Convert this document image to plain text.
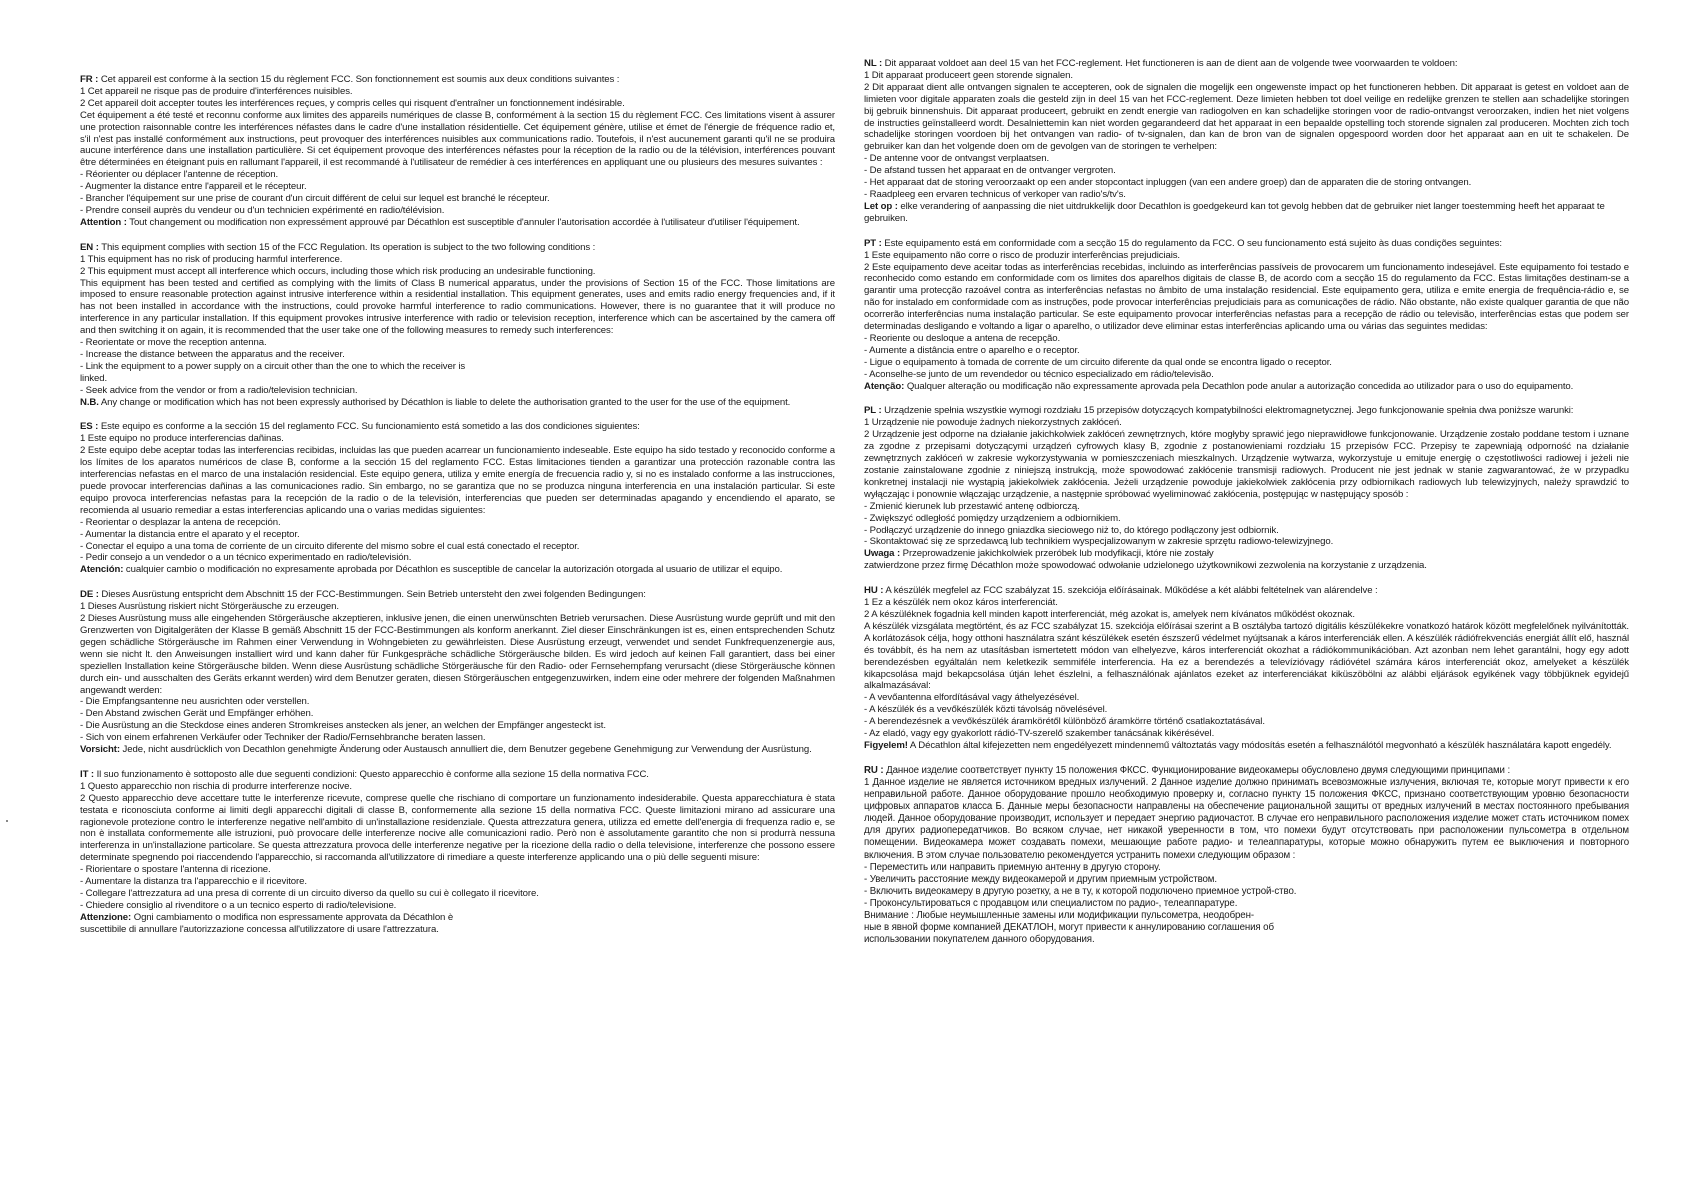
FR : Cet appareil est conforme à la section 15 du règlement FCC. Son fonctionnement est soumis aux deux conditions suivantes :

1 Cet appareil ne risque pas de produire d'interférences nuisibles.

2 Cet appareil doit accepter toutes les interférences reçues, y compris celles qui risquent d'entraîner un fonctionnement indésirable.

Cet équipement a été testé et reconnu conforme aux limites des appareils numériques de classe B, conformément à la section 15 du règlement FCC. Ces limitations visent à assurer une protection raisonnable contre les interférences néfastes dans le cadre d'une installation résidentielle. Cet équipement génère, utilise et émet de l'énergie de fréquence radio et, s'il n'est pas installé conformément aux instructions, peut provoquer des interférences nuisibles aux communications radio. Toutefois, il n'est aucunement garanti qu'il ne se produira aucune interférence dans une installation particulière. Si cet équipement provoque des interférences néfastes pour la réception de la radio ou de la télévision, interférences pouvant être déterminées en éteignant puis en rallumant l'appareil, il est recommandé à l'utilisateur de remédier à ces interférences en appliquant une ou plusieurs des mesures suivantes :

- Réorienter ou déplacer l'antenne de réception.

- Augmenter la distance entre l'appareil et le récepteur.

- Brancher l'équipement sur une prise de courant d'un circuit différent de celui sur lequel est branché le récepteur.

- Prendre conseil auprès du vendeur ou d'un technicien expérimenté en radio/télévision.

Attention : Tout changement ou modification non expressément approuvé par Décathlon est susceptible d'annuler l'autorisation accordée à l'utilisateur d'utiliser l'équipement.

EN : This equipment complies with section 15 of the FCC Regulation. Its operation is subject to the two following conditions :

1 This equipment has no risk of producing harmful interference.

2 This equipment must accept all interference which occurs, including those which risk producing an undesirable functioning.

This equipment has been tested and certified as complying with the limits of Class B numerical apparatus, under the provisions of Section 15 of the FCC. Those limitations are imposed to ensure reasonable protection against intrusive interference within a residential installation. This equipment generates, uses and emits radio energy frequencies and, if it has not been installed in accordance with the instructions, could provoke harmful interference to radio communications. However, there is no guarantee that it will produce no interference in any particular installation. If this equipment provokes intrusive interference with radio or television reception, interference which can be ascertained by the camera off and then switching it on again, it is recommended that the user take one of the following measures to remedy such interferences:

- Reorientate or move the reception antenna.

- Increase the distance between the apparatus and the receiver.

- Link the equipment to a power supply on a circuit other than the one to which the receiver is

linked.

- Seek advice from the vendor or from a radio/television technician.

N.B. Any change or modification which has not been expressly authorised by Décathlon is liable to delete the authorisation granted to the user for the use of the equipment.

ES : Este equipo es conforme a la sección 15 del reglamento FCC. Su funcionamiento está sometido a las dos condiciones siguientes:

1 Este equipo no produce interferencias dañinas.

2 Este equipo debe aceptar todas las interferencias recibidas, incluidas las que pueden acarrear un funcionamiento indeseable. Este equipo ha sido testado y reconocido conforme a los límites de los aparatos numéricos de clase B, conforme a la sección 15 del reglamento FCC. Estas limitaciones tienden a garantizar una protección razonable contra las interferencias nefastas en el marco de una instalación residencial. Este equipo genera, utiliza y emite energía de frecuencia radio y, si no es instalado conforme a las instrucciones, puede provocar interferencias dañinas a las comunicaciones radio. Sin embargo, no se garantiza que no se produzca ninguna interferencia en una instalación particular. Si este equipo provoca interferencias nefastas para la recepción de la radio o de la televisión, interferencias que pueden ser determinadas apagando y encendiendo el aparato, se recomienda al usuario remediar a estas interferencias aplicando una o varias medidas siguientes:

- Reorientar o desplazar la antena de recepción.

- Aumentar la distancia entre el aparato y el receptor.

- Conectar el equipo a una toma de corriente de un circuito diferente del mismo sobre el cual está conectado el receptor.

- Pedir consejo a un vendedor o a un técnico experimentado en radio/televisión.

Atención: cualquier cambio o modificación no expresamente aprobada por Décathlon es susceptible de cancelar la autorización otorgada al usuario de utilizar el equipo.

DE : Dieses Ausrüstung entspricht dem Abschnitt 15 der FCC-Bestimmungen. Sein Betrieb untersteht den zwei folgenden Bedingungen:

1 Dieses Ausrüstung riskiert nicht Störgeräusche zu erzeugen.

2 Dieses Ausrüstung muss alle eingehenden Störgeräusche akzeptieren, inklusive jenen, die einen unerwünschten Betrieb verursachen. Diese Ausrüstung wurde geprüft und mit den Grenzwerten von Digitalgeräten der Klasse B gemäß Abschnitt 15 der FCC-Bestimmungen als konform anerkannt. Ziel dieser Einschränkungen ist es, einen entsprechenden Schutz gegen schädliche Störgeräusche im Rahmen einer Verwendung in Wohngebieten zu gewährleisten. Diese Ausrüstung erzeugt, verwendet und sendet Funkfrequenzenergie aus, wenn sie nicht lt. den Anweisungen installiert wird und kann daher für Funkgespräche schädliche Störgeräusche bilden. Es wird jedoch auf keinen Fall garantiert, dass bei einer speziellen Installation keine Störgeräusche bilden. Wenn diese Ausrüstung schädliche Störgeräusche für den Radio- oder Fernsehempfang verursacht (diese Störgeräusche können durch ein- und ausschalten des Geräts erkannt werden) wird dem Benutzer geraten, diesen Störgeräuschen entgegenzuwirken, indem eine oder mehrere der folgenden Maßnahmen angewandt werden:

- Die Empfangsantenne neu ausrichten oder verstellen.

- Den Abstand zwischen Gerät und Empfänger erhöhen.

- Die Ausrüstung an die Steckdose eines anderen Stromkreises anstecken als jener, an welchen der Empfänger angesteckt ist.

- Sich von einem erfahrenen Verkäufer oder Techniker der Radio/Fernsehbranche beraten lassen.

Vorsicht: Jede, nicht ausdrücklich von Decathlon genehmigte Änderung oder Austausch annulliert die, dem Benutzer gegebene Genehmigung zur Verwendung der Ausrüstung.

IT : Il suo funzionamento è sottoposto alle due seguenti condizioni: Questo apparecchio è conforme alla sezione 15 della normativa FCC.

1 Questo apparecchio non rischia di produrre interferenze nocive.

2 Questo apparecchio deve accettare tutte le interferenze ricevute, comprese quelle che rischiano di comportare un funzionamento indesiderabile. Questa apparecchiatura è stata testata e riconosciuta conforme ai limiti degli apparecchi digitali di classe B, conformemente alla sezione 15 della normativa FCC. Queste limitazioni mirano ad assicurare una ragionevole protezione contro le interferenze negative nell'ambito di un'installazione residenziale. Questa attrezzatura genera, utilizza ed emette dell'energia di frequenza radio e, se non è installata conformemente alle istruzioni, può provocare delle interferenze nocive alle comunicazioni radio. Però non è assolutamente garantito che non si produrrà nessuna interferenza in un'installazione particolare. Se questa attrezzatura provoca delle interferenze negative per la ricezione della radio o della televisione, interferenze che possono essere determinate spegnendo poi riaccendendo l'apparecchio, si raccomanda all'utilizzatore di rimediare a queste interferenze applicando una o più delle seguenti misure:

- Riorientare o spostare l'antenna di ricezione.

- Aumentare la distanza tra l'apparecchio e il ricevitore.

- Collegare l'attrezzatura ad una presa di corrente di un circuito diverso da quello su cui è collegato il ricevitore.

- Chiedere consiglio al rivenditore o a un tecnico esperto di radio/televisione.

Attenzione: Ogni cambiamento o modifica non espressamente approvata da Décathlon è

suscettibile di annullare l'autorizzazione concessa all'utilizzatore di usare l'attrezzatura.

NL : Dit apparaat voldoet aan deel 15 van het FCC-reglement. Het functioneren is aan de dient aan de volgende twee voorwaarden te voldoen:

1 Dit apparaat produceert geen storende signalen.

2 Dit apparaat dient alle ontvangen signalen te accepteren, ook de signalen die mogelijk een ongewenste impact op het functioneren hebben. Dit apparaat is getest en voldoet aan de limieten voor digitale apparaten zoals die gesteld zijn in deel 15 van het FCC-reglement. Deze limieten hebben tot doel veilige en redelijke grenzen te stellen aan schadelijke storingen bij gebruik binnenshuis. Dit apparaat produceert, gebruikt en zendt energie van radiogolven en kan schadelijke storingen voor de radio-ontvangst veroorzaken, indien het niet volgens de instructies geïnstalleerd wordt. Desalniettemin kan niet worden gegarandeerd dat het apparaat in een bepaalde opstelling toch storende signalen zal produceren. Mochten zich toch schadelijke storingen voordoen bij het ontvangen van radio- of tv-signalen, dan kan de bron van de signalen opgespoord worden door het apparaat aan en uit te schakelen. De gebruiker kan dan het volgende doen om de gevolgen van de storingen te verhelpen:

- De antenne voor de ontvangst verplaatsen.

- De afstand tussen het apparaat en de ontvanger vergroten.

- Het apparaat dat de storing veroorzaakt op een ander stopcontact inpluggen (van een andere groep) dan de apparaten die de storing ontvangen.

- Raadpleeg een ervaren technicus of verkoper van radio's/tv's.

Let op : elke verandering of aanpassing die niet uitdrukkelijk door Decathlon is goedgekeurd kan tot gevolg hebben dat de gebruiker niet langer toestemming heeft het apparaat te gebruiken.

PT : Este equipamento está em conformidade com a secção 15 do regulamento da FCC. O seu funcionamento está sujeito às duas condições seguintes:

1 Este equipamento não corre o risco de produzir interferências prejudiciais.

2 Este equipamento deve aceitar todas as interferências recebidas, incluindo as interferências passíveis de provocarem um funcionamento indesejável. Este equipamento foi testado e reconhecido como estando em conformidade com os limites dos aparelhos digitais de classe B, de acordo com a secção 15 do regulamento da FCC. Estas limitações destinam-se a garantir uma protecção razoável contra as interferências nefastas no âmbito de uma instalação residencial. Este equipamento gera, utiliza e emite energia de frequência-rádio e, se não for instalado em conformidade com as instruções, pode provocar interferências prejudiciais para as comunicações de rádio. Não obstante, não existe qualquer garantia de que não ocorrerão interferências numa instalação particular. Se este equipamento provocar interferências nefastas para a recepção de rádio ou televisão, interferências estas que podem ser determinadas desligando e voltando a ligar o aparelho, o utilizador deve eliminar estas interferências aplicando uma ou várias das seguintes medidas:

- Reoriente ou desloque a antena de recepção.

- Aumente a distância entre o aparelho e o receptor.

- Ligue o equipamento à tomada de corrente de um circuito diferente da qual onde se encontra ligado o receptor.

- Aconselhe-se junto de um revendedor ou técnico especializado em rádio/televisão.

Atenção: Qualquer alteração ou modificação não expressamente aprovada pela Decathlon pode anular a autorização concedida ao utilizador para o uso do equipamento.

PL : Urządzenie spełnia wszystkie wymogi rozdziału 15 przepisów dotyczących kompatybilności elektromagnetycznej. Jego funkcjonowanie spełnia dwa poniższe warunki:

1 Urządzenie nie powoduje żadnych niekorzystnych zakłóceń.

2 Urządzenie jest odporne na działanie jakichkolwiek zakłóceń zewnętrznych, które mogłyby sprawić jego nieprawidłowe funkcjonowanie. Urządzenie zostało poddane testom i uznane za zgodne z przepisami dotyczącymi urządzeń cyfrowych klasy B, zgodnie z postanowieniami rozdziału 15 przepisów FCC. Przepisy te zapewniają odporność na działanie zewnętrznych zakłóceń w zakresie wykorzystywania w pomieszczeniach mieszkalnych. Urządzenie wytwarza, wykorzystuje u emituje energię o częstotliwości radiowej i jeżeli nie zostanie zainstalowane zgodnie z niniejszą instrukcją, może spowodować zakłócenie transmisji radiowych. Producent nie jest jednak w stanie zagwarantować, że w przypadku konkretnej instalacji nie wystąpią jakiekolwiek zakłócenia. Jeżeli urządzenie powoduje jakiekolwiek zakłócenia przy odbiornikach radiowych lub telewizyjnych, należy sprawdzić to wyłączając i ponownie włączając urządzenie, a następnie spróbować wyeliminować zakłócenia, postępując w następujący sposób :

- Zmienić kierunek lub przestawić antenę odbiorczą.

- Zwiększyć odległość pomiędzy urządzeniem a odbiornikiem.

- Podłączyć urządzenie do innego gniazdka sieciowego niż to, do którego podłączony jest odbiornik.

- Skontaktować się ze sprzedawcą lub technikiem wyspecjalizowanym w zakresie sprzętu radiowo-telewizyjnego.

Uwaga : Przeprowadzenie jakichkolwiek przeróbek lub modyfikacji, które nie zostały

zatwierdzone przez firmę Décathlon może spowodować odwołanie udzielonego użytkownikowi zezwolenia na korzystanie z urządzenia.

HU : A készülék megfelel az FCC szabályzat 15. szekciója előírásainak. Működése a két alábbi feltételnek van alárendelve :

1 Ez a készülék nem okoz káros interferenciát.

2 A készüléknek fogadnia kell minden kapott interferenciát, még azokat is, amelyek nem kívánatos működést okoznak.

A készülék vizsgálata megtörtént, és az FCC szabályzat 15. szekciója előírásai szerint a B osztályba tartozó digitális készülékekre vonatkozó határok között megfelelőnek nyilvánították. A korlátozások célja, hogy otthoni használatra szánt készülékek esetén észszerű védelmet nyújtsanak a káros interferenciák ellen. A készülék rádiófrekvenciás energiát állít elő, használ és továbbít, és ha nem az utasításban ismertetett módon van elhelyezve, káros interferenciát okozhat a rádiókommunikációban. Azt azonban nem lehet garantálni, hogy egy adott berendezésben egyáltalán nem keletkezik semmiféle interferencia. Ha ez a berendezés a televízióvagy rádióvétel számára káros interferenciát okoz, amelyeket a készülék kikapcsolása majd bekapcsolása útján lehet észlelni, a felhasználónak ajánlatos ezeket az interferenciákat kiküszöbölni az alábbi eljárások egyikének vagy többjüknek egyidejű alkalmazásával:

- A vevőantenna elfordításával vagy áthelyezésével.

- A készülék és a vevőkészülék közti távolság növelésével.

- A berendezésnek a vevőkészülék áramkörétől különböző áramkörre történő csatlakoztatásával.

- Az eladó, vagy egy gyakorlott rádió-TV-szerelő szakember tanácsának kikérésével.

Figyelem! A Décathlon által kifejezetten nem engedélyezett mindennemű változtatás vagy módosítás esetén a felhasználótól megvonható a készülék használatára kapott engedély.

RU : Данное изделие соответствует пункту 15 положения ФКСС. Функционирование видеокамеры обусловлено двумя следующими принципами :

1 Данное изделие не является источником вредных излучений. 2 Данное изделие должно принимать всевозможные излучения, включая те, которые могут привести к его неправильной работе. Данное оборудование прошло необходимую проверку и, согласно пункту 15 положения ФКСС, признано соответствующим уровню безопасности цифровых аппаратов класса Б. Данные меры безопасности направлены на обеспечение рациональной защиты от вредных излучений в местах постоянного пребывания людей. Данное оборудование производит, использует и передает энергию радиочастот. В случае его неправильного расположения изделие может стать источником помех для других радиопередатчиков. Во всяком случае, нет никакой уверенности в том, что помехи будут отсутствовать при расположении пульсометра в отдельном помещении. Видеокамера может создавать помехи, мешающие работе радио- и телеаппаратуры, которые можно обнаружить путем ее выключения и повторного включения. В этом случае пользователю рекомендуется устранить помехи следующим образом :

- Переместить или направить приемную антенну в другую сторону.

- Увеличить расстояние между видеокамерой и другим приемным устройством.

- Включить видеокамеру в другую розетку, а не в ту, к которой подключено приемное устрой-ство.

- Проконсультироваться с продавцом или специалистом по радио-, телеаппаратуре.

Внимание : Любые неумышленные замены или модификации пульсометра, неодобрен-

ные в явной форме компанией ДЕКАТЛОН, могут привести к аннулированию соглашения об

использовании покупателем данного оборудования.
